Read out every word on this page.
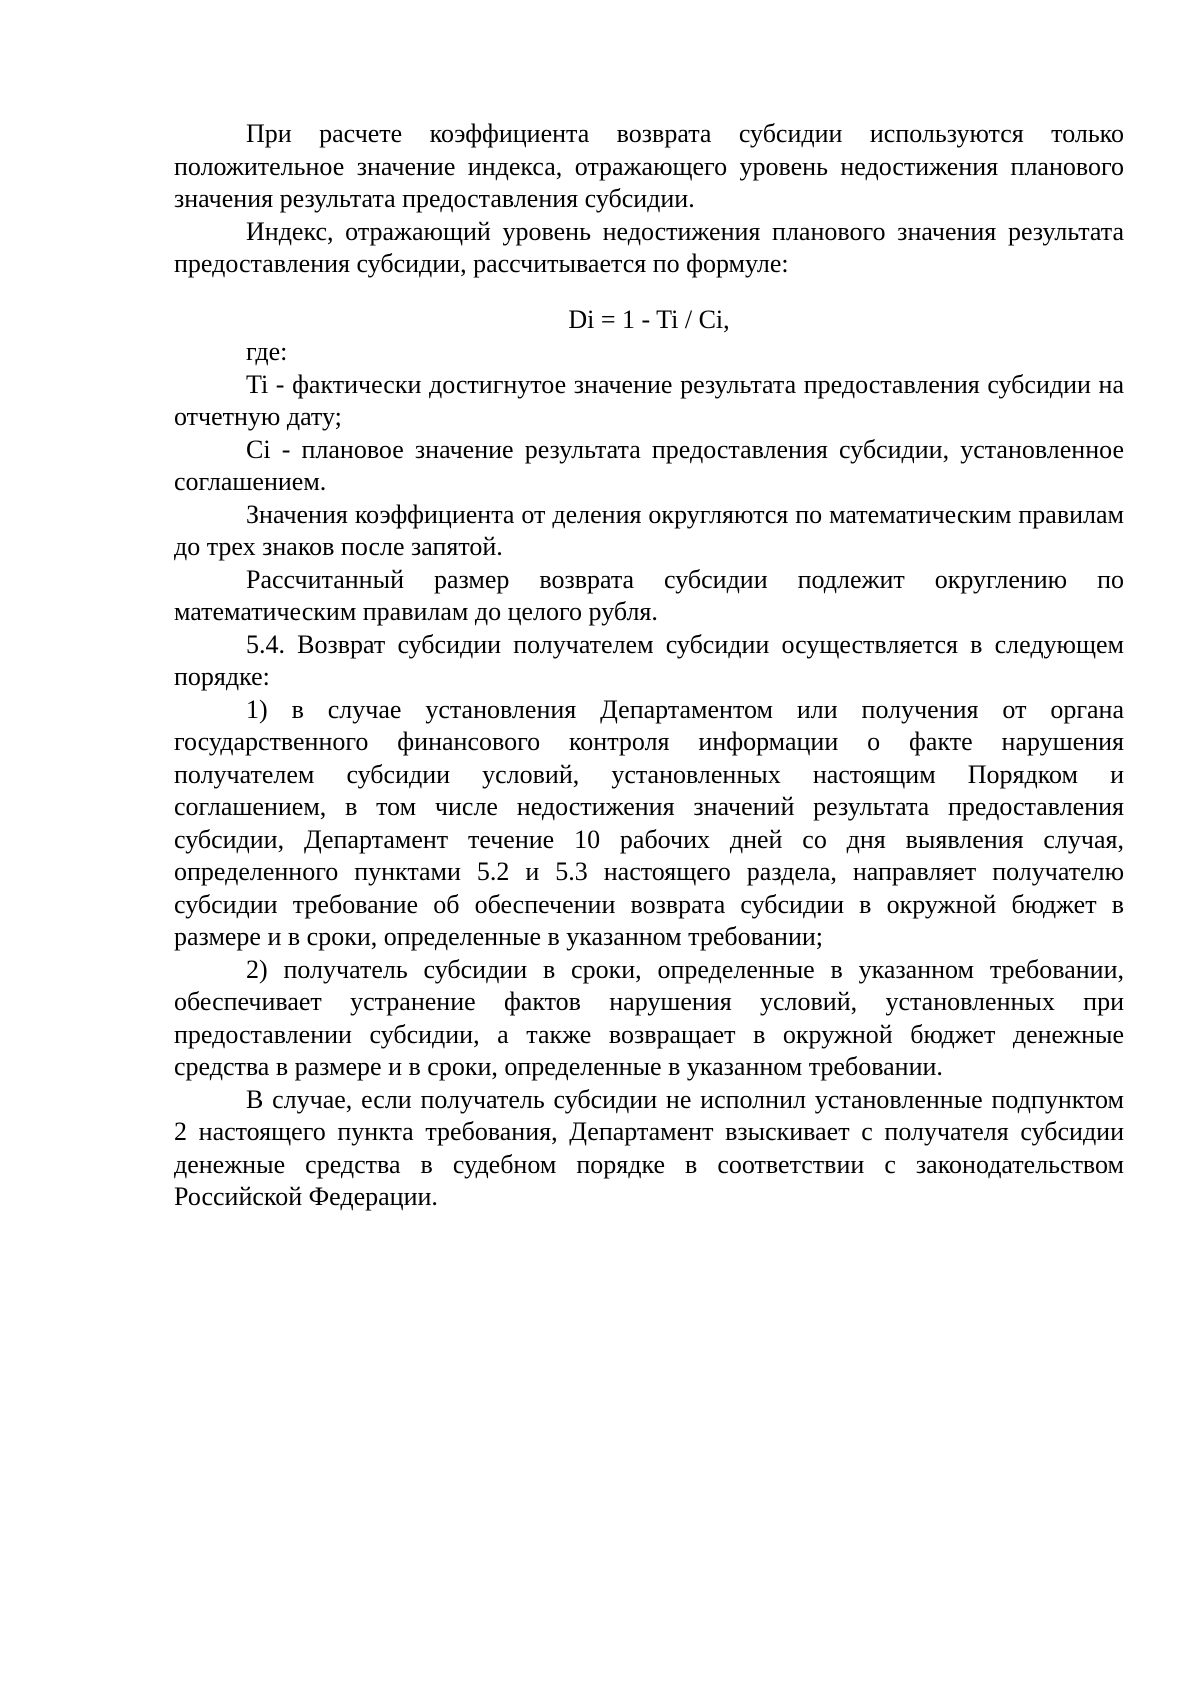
При расчете коэффициента возврата субсидии используются только положительное значение индекса, отражающего уровень недостижения планового значения результата предоставления субсидии.

Индекс, отражающий уровень недостижения планового значения результата предоставления субсидии, рассчитывается по формуле:

Di = 1 - Ti / Ci,

где:

Ti - фактически достигнутое значение результата предоставления субсидии на отчетную дату;

Ci - плановое значение результата предоставления субсидии, установленное соглашением.

Значения коэффициента от деления округляются по математическим правилам до трех знаков после запятой.

Рассчитанный размер возврата субсидии подлежит округлению по математическим правилам до целого рубля.

5.4. Возврат субсидии получателем субсидии осуществляется в следующем порядке:

1) в случае установления Департаментом или получения от органа государственного финансового контроля информации о факте нарушения получателем субсидии условий, установленных настоящим Порядком и соглашением, в том числе недостижения значений результата предоставления субсидии, Департамент течение 10 рабочих дней со дня выявления случая, определенного пунктами 5.2 и 5.3 настоящего раздела, направляет получателю субсидии требование об обеспечении возврата субсидии в окружной бюджет в размере и в сроки, определенные в указанном требовании;

2) получатель субсидии в сроки, определенные в указанном требовании, обеспечивает устранение фактов нарушения условий, установленных при предоставлении субсидии, а также возвращает в окружной бюджет денежные средства в размере и в сроки, определенные в указанном требовании.

В случае, если получатель субсидии не исполнил установленные подпунктом 2 настоящего пункта требования, Департамент взыскивает с получателя субсидии денежные средства в судебном порядке в соответствии с законодательством Российской Федерации.
